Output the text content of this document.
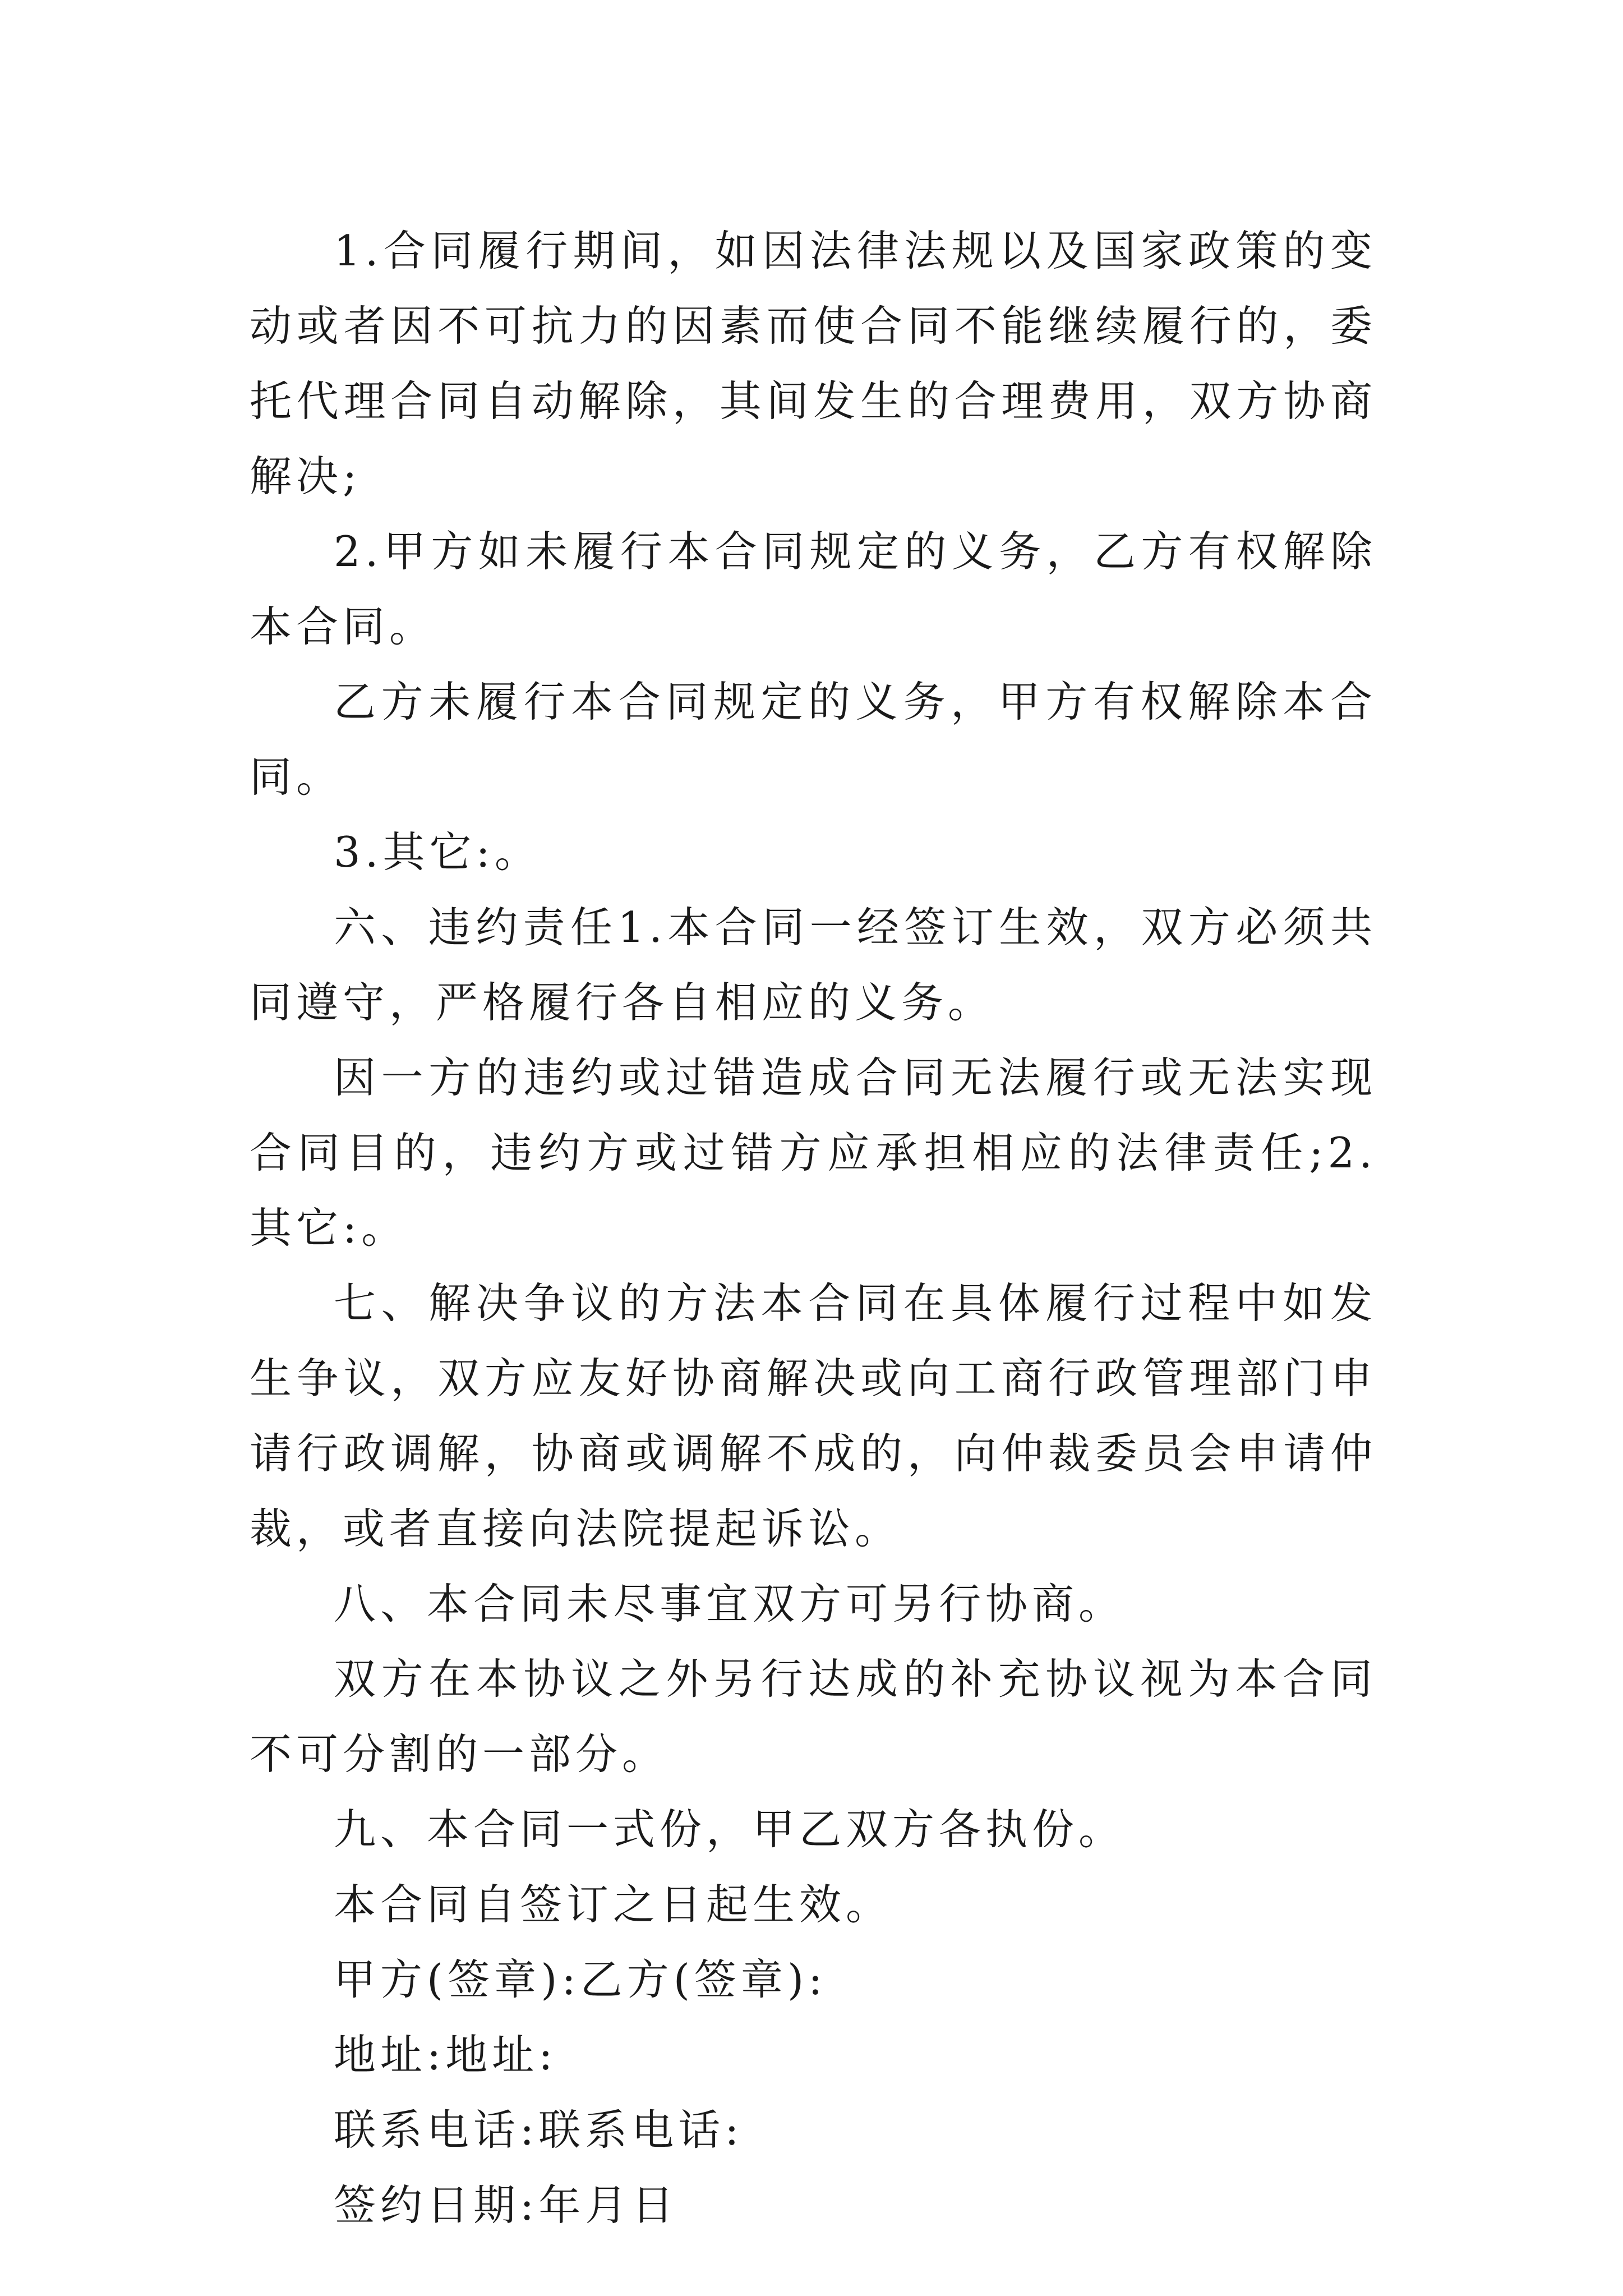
1.合同履行期间，如因法律法规以及国家政策的变动或者因不可抗力的因素而使合同不能继续履行的，委托代理合同自动解除，其间发生的合理费用，双方协商解决;

2.甲方如未履行本合同规定的义务，乙方有权解除本合同。

乙方未履行本合同规定的义务，甲方有权解除本合同。

3.其它:。

六、违约责任1.本合同一经签订生效，双方必须共同遵守，严格履行各自相应的义务。

因一方的违约或过错造成合同无法履行或无法实现合同目的，违约方或过错方应承担相应的法律责任;2.其它:。

七、解决争议的方法本合同在具体履行过程中如发生争议，双方应友好协商解决或向工商行政管理部门申请行政调解，协商或调解不成的，向仲裁委员会申请仲裁，或者直接向法院提起诉讼。

八、本合同未尽事宜双方可另行协商。

双方在本协议之外另行达成的补充协议视为本合同不可分割的一部分。

九、本合同一式份，甲乙双方各执份。

本合同自签订之日起生效。

甲方(签章):乙方(签章):

地址:地址:

联系电话:联系电话:

签约日期:年月日
